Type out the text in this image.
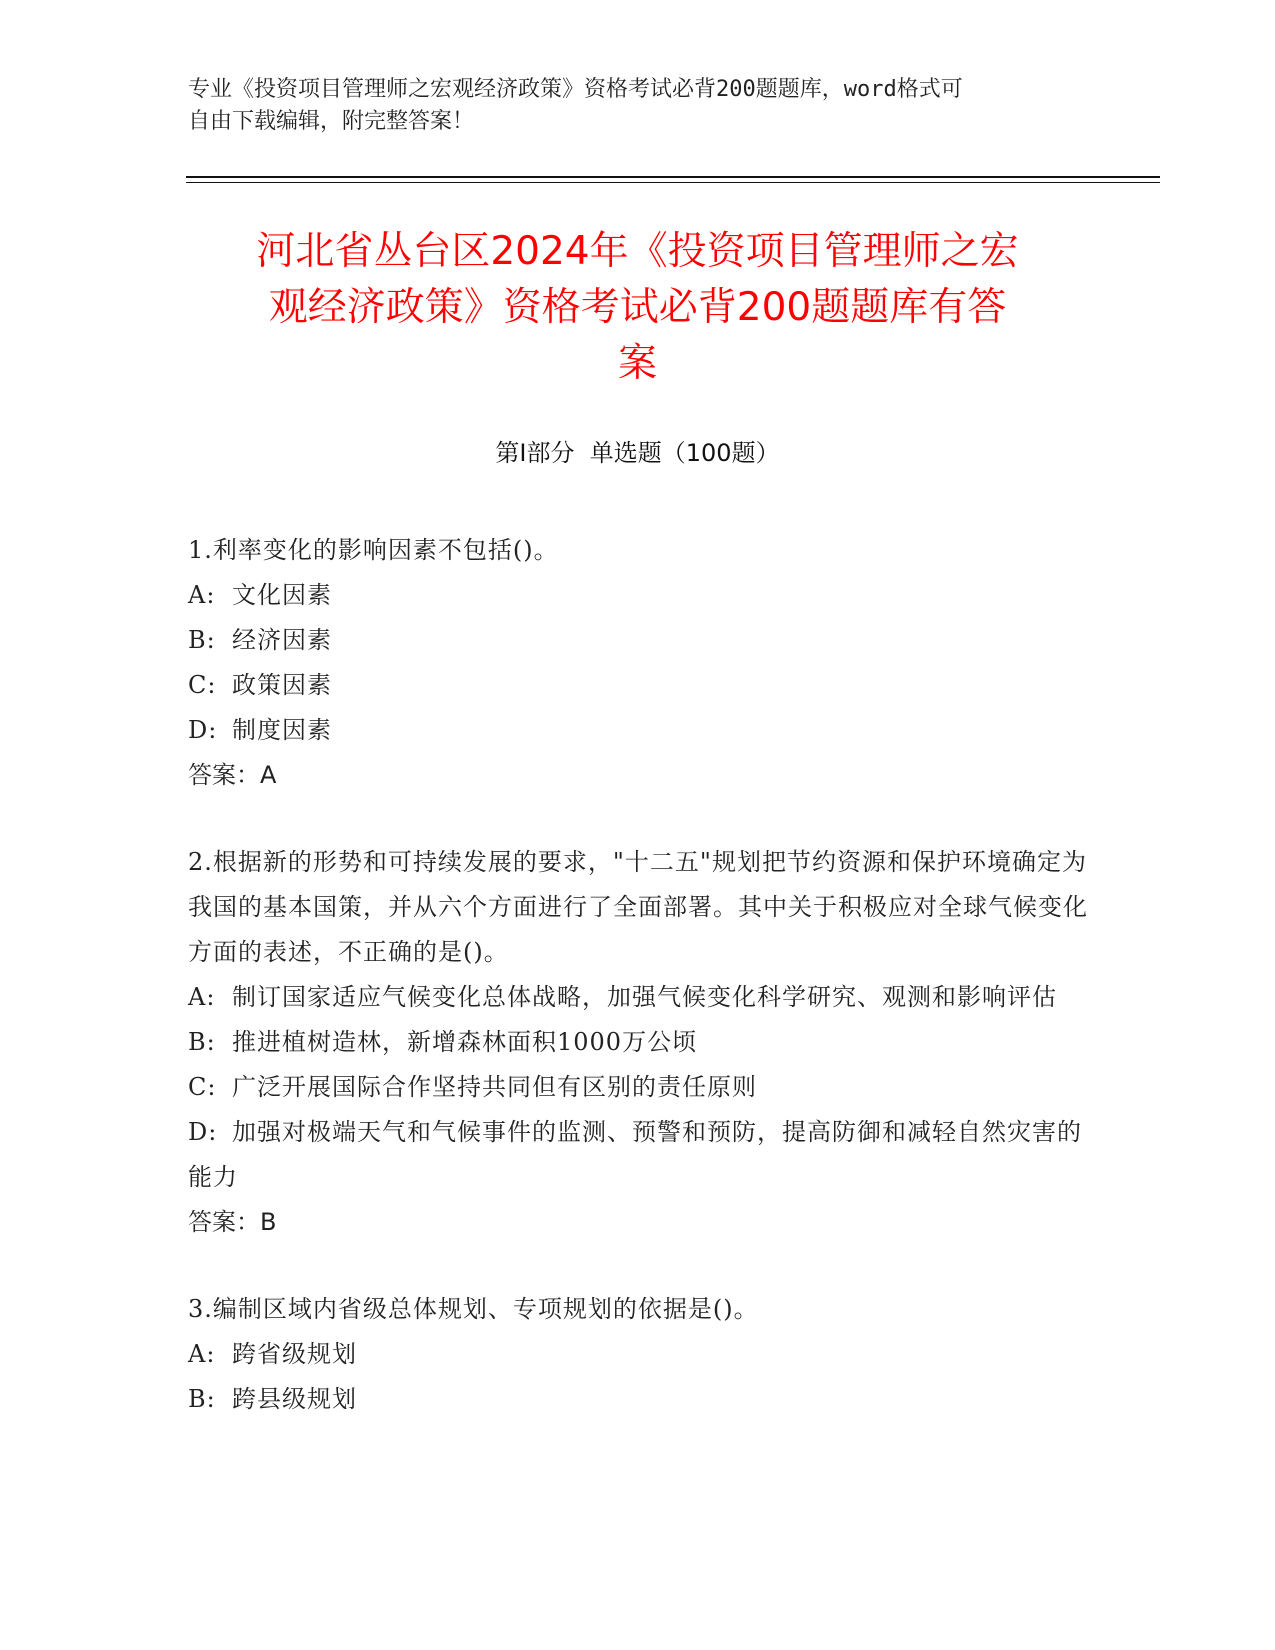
专业《投资项目管理师之宏观经济政策》资格考试必背200题题库，word格式可
自由下载编辑，附完整答案！
河北省丛台区2024年《投资项目管理师之宏
观经济政策》资格考试必背200题题库有答
案
第I部分  单选题（100题）
1.利率变化的影响因素不包括()。
A: 文化因素
B: 经济因素
C: 政策因素
D: 制度因素
答案：A
2.根据新的形势和可持续发展的要求，"十二五"规划把节约资源和保护环境确定为我国的基本国策，并从六个方面进行了全面部署。其中关于积极应对全球气候变化方面的表述，不正确的是()。
A: 制订国家适应气候变化总体战略，加强气候变化科学研究、观测和影响评估
B: 推进植树造林，新增森林面积1000万公顷
C: 广泛开展国际合作坚持共同但有区别的责任原则
D: 加强对极端天气和气候事件的监测、预警和预防，提高防御和减轻自然灾害的能力
答案：B
3.编制区域内省级总体规划、专项规划的依据是()。
A: 跨省级规划
B: 跨县级规划
